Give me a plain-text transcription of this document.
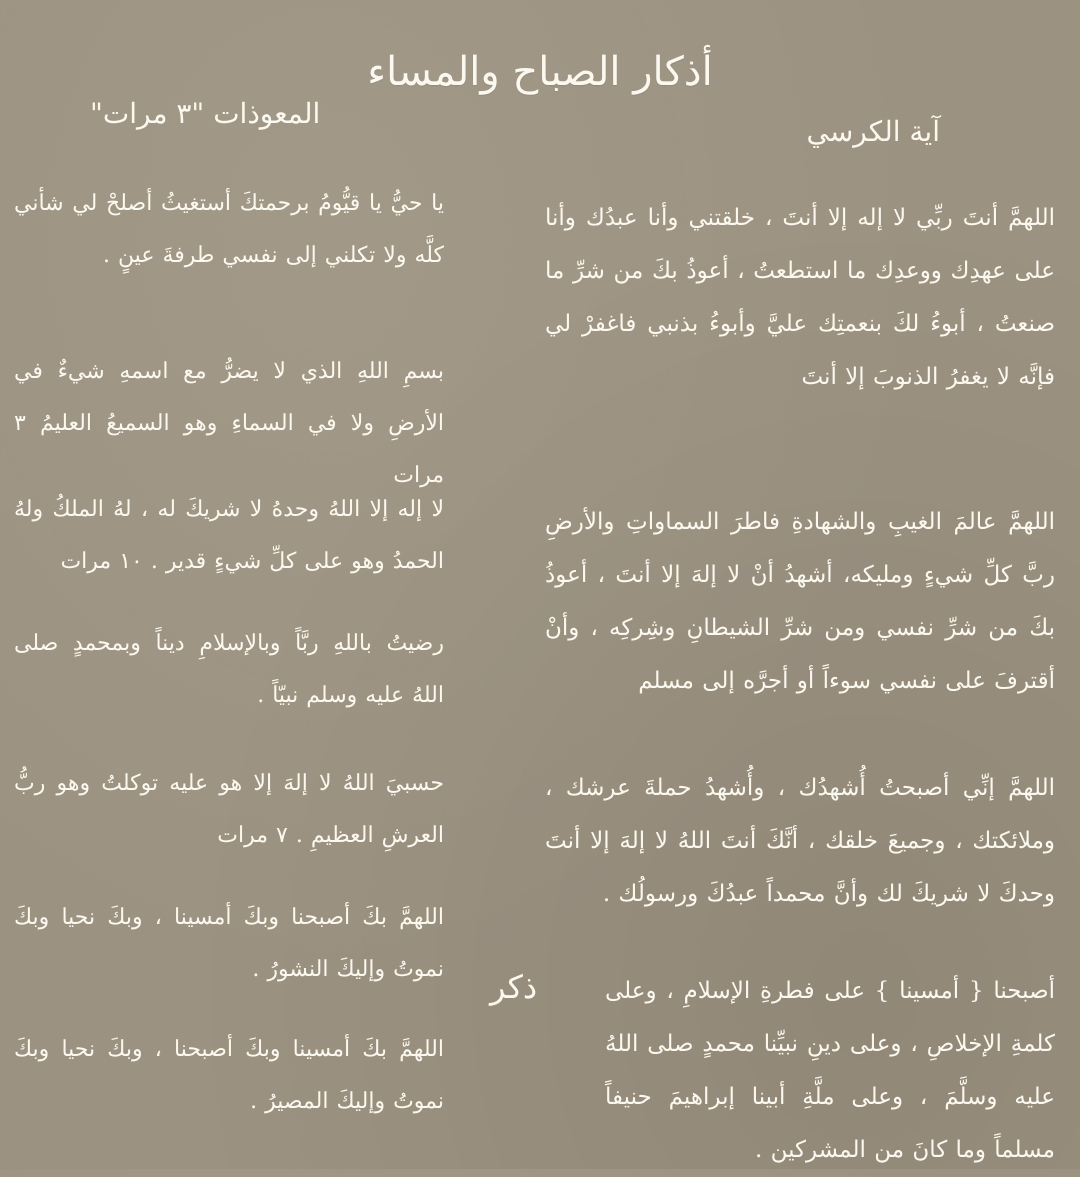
أذكار الصباح والمساء
آية الكرسي
المعوذات "٣ مرات"

اللهمَّ أنتَ ربِّي لا إله إلا أنتَ ، خلقتني وأنا عبدُك وأنا على عهدِك ووعدِك ما استطعتُ ، أعوذُ بكَ من شرِّ ما صنعتُ ، أبوءُ لكَ بنعمتِك عليَّ وأبوءُ بذنبي فاغفرْ لي فإنَّه لا يغفرُ الذنوبَ إلا أنتَ

اللهمَّ عالمَ الغيبِ والشهادةِ فاطرَ السماواتِ والأرضِ ربَّ كلِّ شيءٍ ومليكه، أشهدُ أنْ لا إلهَ إلا أنتَ ، أعوذُ بكَ من شرِّ نفسي ومن شرِّ الشيطانِ وشِركِه ، وأنْ أقترفَ على نفسي سوءاً أو أجرَّه إلى مسلم

اللهمَّ إنِّي أصبحتُ أُشهدُك ، وأُشهدُ حملةَ عرشك ، وملائكتك ، وجميعَ خلقك ، أنَّكَ أنتَ اللهُ لا إلهَ إلا أنتَ وحدكَ لا شريكَ لك وأنَّ محمداً عبدُكَ ورسولُك .

أصبحنا { أمسينا } على فطرةِ الإسلامِ ، وعلى كلمةِ الإخلاصِ ، وعلى دينِ نبيِّنا محمدٍ صلى اللهُ عليه وسلَّمَ ، وعلى ملَّةِ أبينا إبراهيمَ حنيفاً مسلماً وما كانَ من المشركين .

ذكر

يا حيُّ يا قيُّومُ برحمتكَ أستغيثُ أصلحْ لي شأني كلَّه ولا تكلني إلى نفسي طرفةَ عينٍ .

بسمِ اللهِ الذي لا يضرُّ مع اسمهِ شيءٌ في الأرضِ ولا في السماءِ وهو السميعُ العليمُ ٣ مرات

لا إله إلا اللهُ وحدهُ لا شريكَ له ، لهُ الملكُ ولهُ الحمدُ وهو على كلِّ شيءٍ قدير . ١٠ مرات

رضيتُ باللهِ ربَّاً وبالإسلامِ ديناً وبمحمدٍ صلى اللهُ عليه وسلم نبيّاً .

حسبيَ اللهُ لا إلهَ إلا هو عليه توكلتُ وهو ربُّ العرشِ العظيمِ . ٧ مرات

اللهمَّ بكَ أصبحنا وبكَ أمسينا ، وبكَ نحيا وبكَ نموتُ وإليكَ النشورُ .

اللهمَّ بكَ أمسينا وبكَ أصبحنا ، وبكَ نحيا وبكَ نموتُ وإليكَ المصيرُ .
